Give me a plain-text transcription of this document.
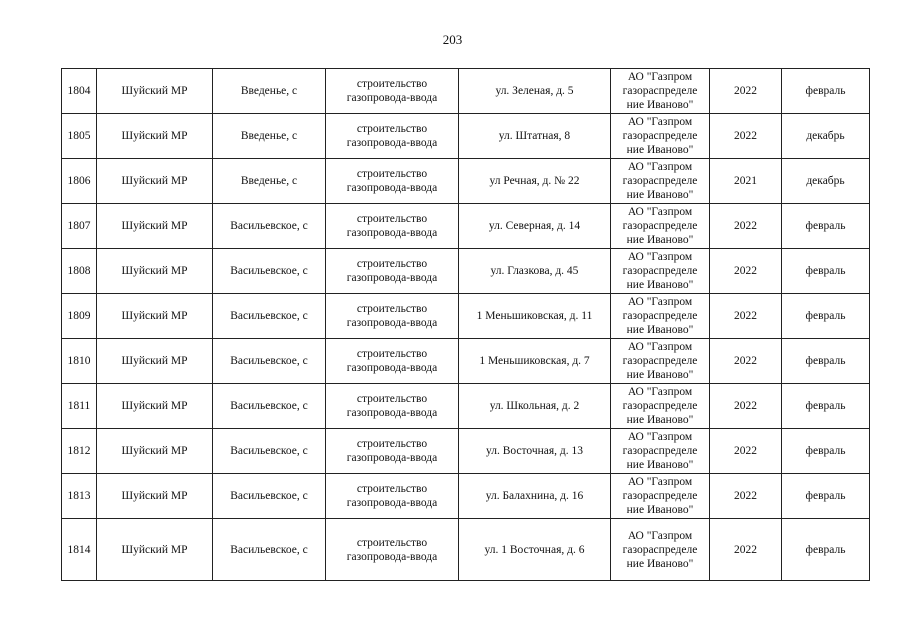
203
1804	Шуйский МР	Введенье, с	строительство
газопровода-ввода	ул. Зеленая, д. 5	АО "Газпром
газораспределе
ние Иваново"	2022	февраль
1805	Шуйский МР	Введенье, с	строительство
газопровода-ввода	ул. Штатная, 8	АО "Газпром
газораспределе
ние Иваново"	2022	декабрь
1806	Шуйский МР	Введенье, с	строительство
газопровода-ввода	ул Речная, д. № 22	АО "Газпром
газораспределе
ние Иваново"	2021	декабрь
1807	Шуйский МР	Васильевское, с	строительство
газопровода-ввода	ул. Северная, д. 14	АО "Газпром
газораспределе
ние Иваново"	2022	февраль
1808	Шуйский МР	Васильевское, с	строительство
газопровода-ввода	ул. Глазкова, д. 45	АО "Газпром
газораспределе
ние Иваново"	2022	февраль
1809	Шуйский МР	Васильевское, с	строительство
газопровода-ввода	1 Меньшиковская, д. 11	АО "Газпром
газораспределе
ние Иваново"	2022	февраль
1810	Шуйский МР	Васильевское, с	строительство
газопровода-ввода	1 Меньшиковская, д. 7	АО "Газпром
газораспределе
ние Иваново"	2022	февраль
1811	Шуйский МР	Васильевское, с	строительство
газопровода-ввода	ул. Школьная, д. 2	АО "Газпром
газораспределе
ние Иваново"	2022	февраль
1812	Шуйский МР	Васильевское, с	строительство
газопровода-ввода	ул. Восточная, д. 13	АО "Газпром
газораспределе
ние Иваново"	2022	февраль
1813	Шуйский МР	Васильевское, с	строительство
газопровода-ввода	ул. Балахнина, д. 16	АО "Газпром
газораспределе
ние Иваново"	2022	февраль
1814	Шуйский МР	Васильевское, с	строительство
газопровода-ввода	ул. 1 Восточная, д. 6	АО "Газпром
газораспределе
ние Иваново"	2022	февраль
